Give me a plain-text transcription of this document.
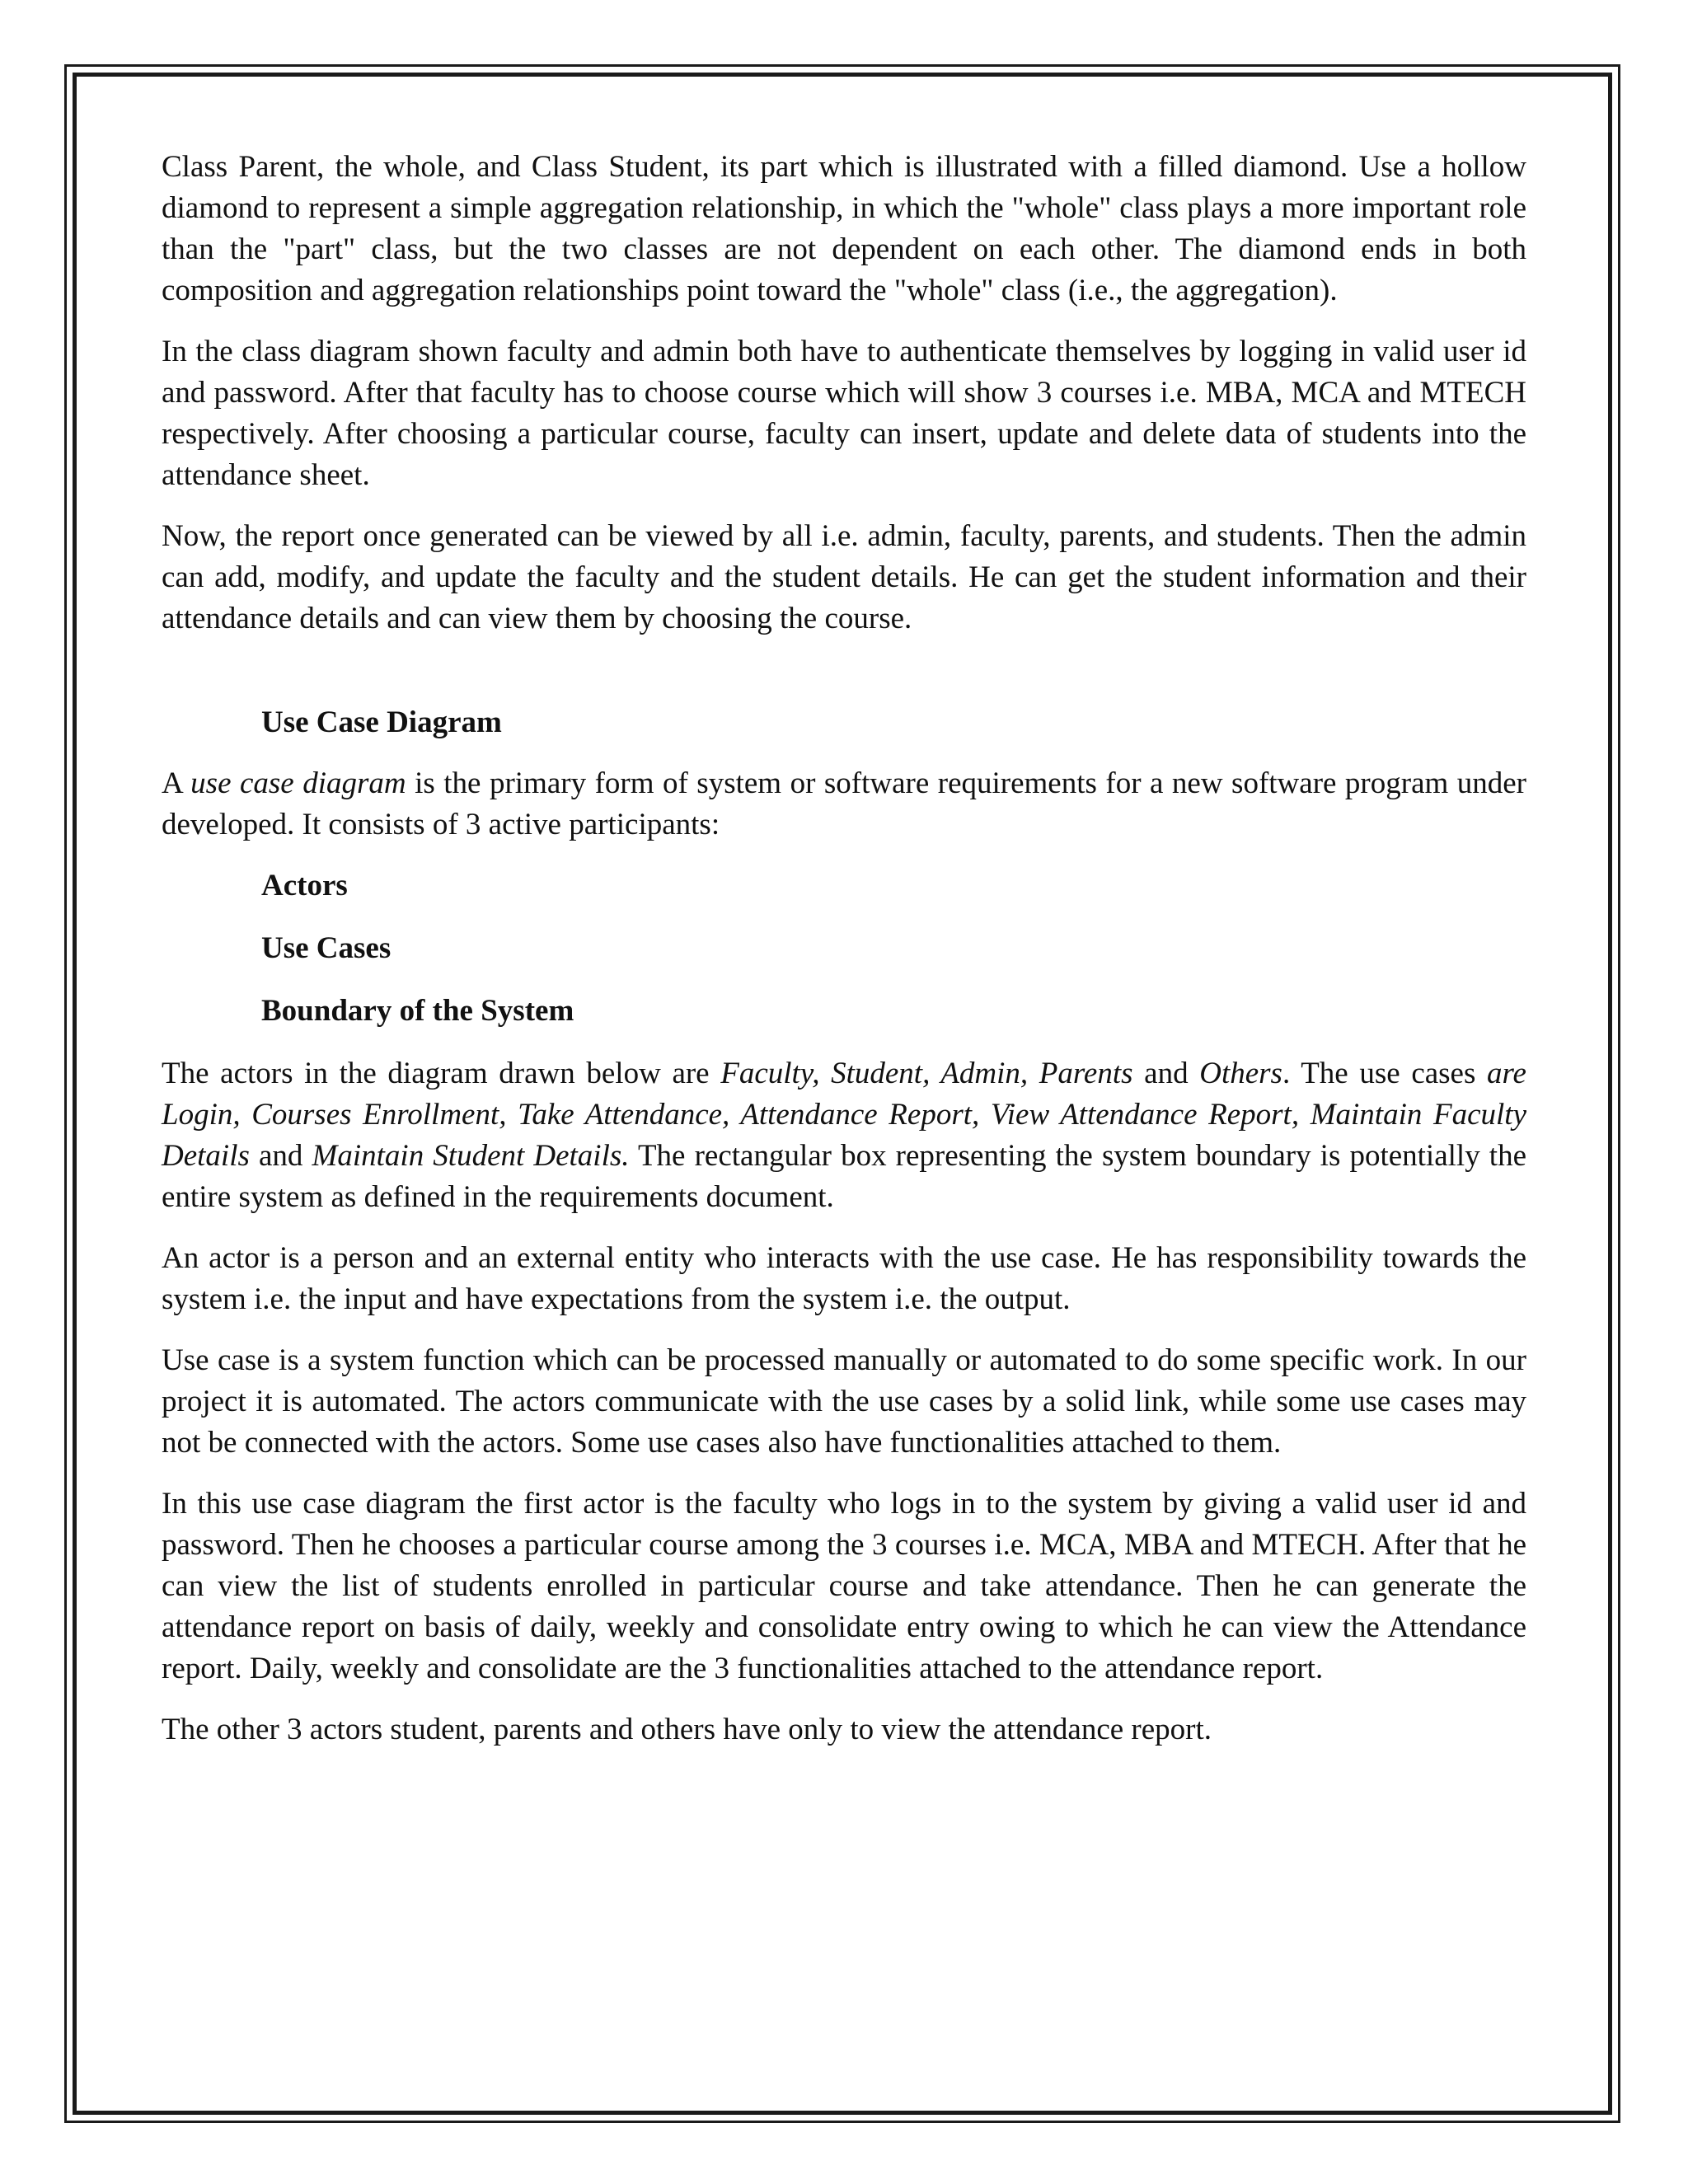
Class Parent, the whole, and Class Student, its part which is illustrated with a filled diamond. Use a hollow diamond to represent a simple aggregation relationship, in which the "whole" class plays a more important role than the "part" class, but the two classes are not dependent on each other. The diamond ends in both composition and aggregation relationships point toward the "whole" class (i.e., the aggregation).

In the class diagram shown faculty and admin both have to authenticate themselves by logging in valid user id and password. After that faculty has to choose course which will show 3 courses i.e. MBA, MCA and MTECH respectively. After choosing a particular course, faculty can insert, update and delete data of students into the attendance sheet.

Now, the report once generated can be viewed by all i.e. admin, faculty, parents, and students. Then the admin can add, modify, and update the faculty and the student details. He can get the student information and their attendance details and can view them by choosing the course.

Use Case Diagram

A use case diagram is the primary form of system or software requirements for a new software program under developed. It consists of 3 active participants:

Actors

Use Cases

Boundary of the System

The actors in the diagram drawn below are Faculty, Student, Admin, Parents and Others. The use cases are Login, Courses Enrollment, Take Attendance, Attendance Report, View Attendance Report, Maintain Faculty Details and Maintain Student Details. The rectangular box representing the system boundary is potentially the entire system as defined in the requirements document.

An actor is a person and an external entity who interacts with the use case. He has responsibility towards the system i.e. the input and have expectations from the system i.e. the output.

Use case is a system function which can be processed manually or automated to do some specific work. In our project it is automated. The actors communicate with the use cases by a solid link, while some use cases may not be connected with the actors. Some use cases also have functionalities attached to them.

In this use case diagram the first actor is the faculty who logs in to the system by giving a valid user id and password. Then he chooses a particular course among the 3 courses i.e. MCA, MBA and MTECH. After that he can view the list of students enrolled in particular course and take attendance. Then he can generate the attendance report on basis of daily, weekly and consolidate entry owing to which he can view the Attendance report. Daily, weekly and consolidate are the 3 functionalities attached to the attendance report.

The other 3 actors student, parents and others have only to view the attendance report.
